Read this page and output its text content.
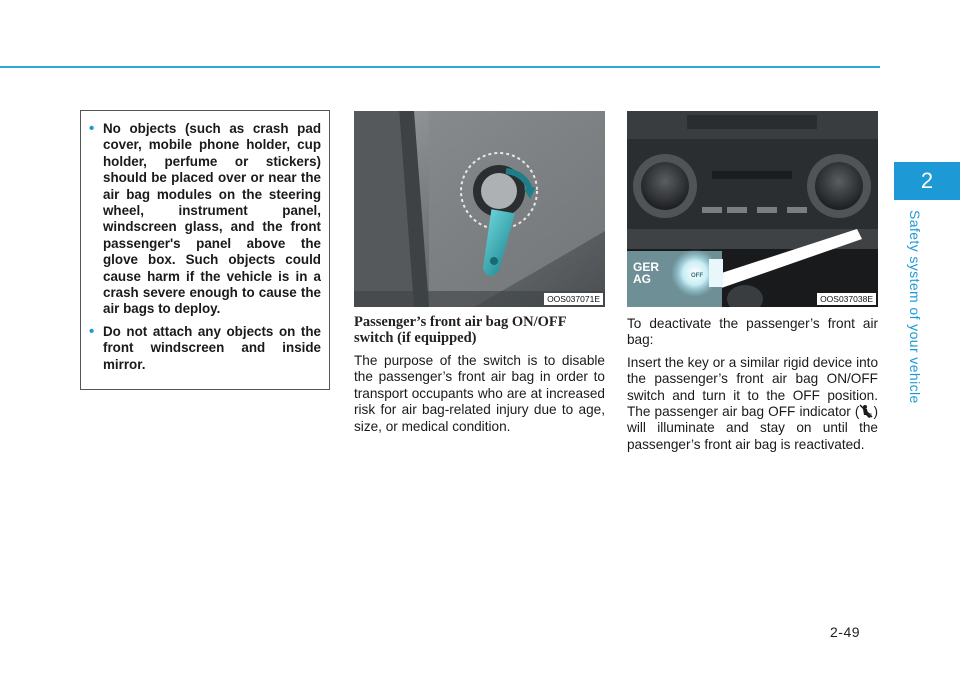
2
Safety system of your vehicle
2-49
• No objects (such as crash pad cover, mobile phone holder, cup holder, perfume or stickers) should be placed over or near the air bag modules on the steering wheel, instrument panel, windscreen glass, and the front passenger's panel above the glove box. Such objects could cause harm if the vehicle is in a crash severe enough to cause the air bags to deploy.
• Do not attach any objects on the front windscreen and inside mirror.
OOS037071E
GER
AG	OFF
OOS037038E

Passenger’s front air bag ON/OFF switch (if equipped)

The purpose of the switch is to disable the passenger’s front air bag in order to transport occupants who are at increased risk for air bag-related injury due to age, size, or medical condition.

To deactivate the passenger’s front air bag:

Insert the key or a similar rigid device into the passenger’s front air bag ON/OFF switch and turn it to the OFF position. The passenger air bag OFF indicator ( 2 ) will illuminate and stay on until the passenger’s front air bag is reactivated.
